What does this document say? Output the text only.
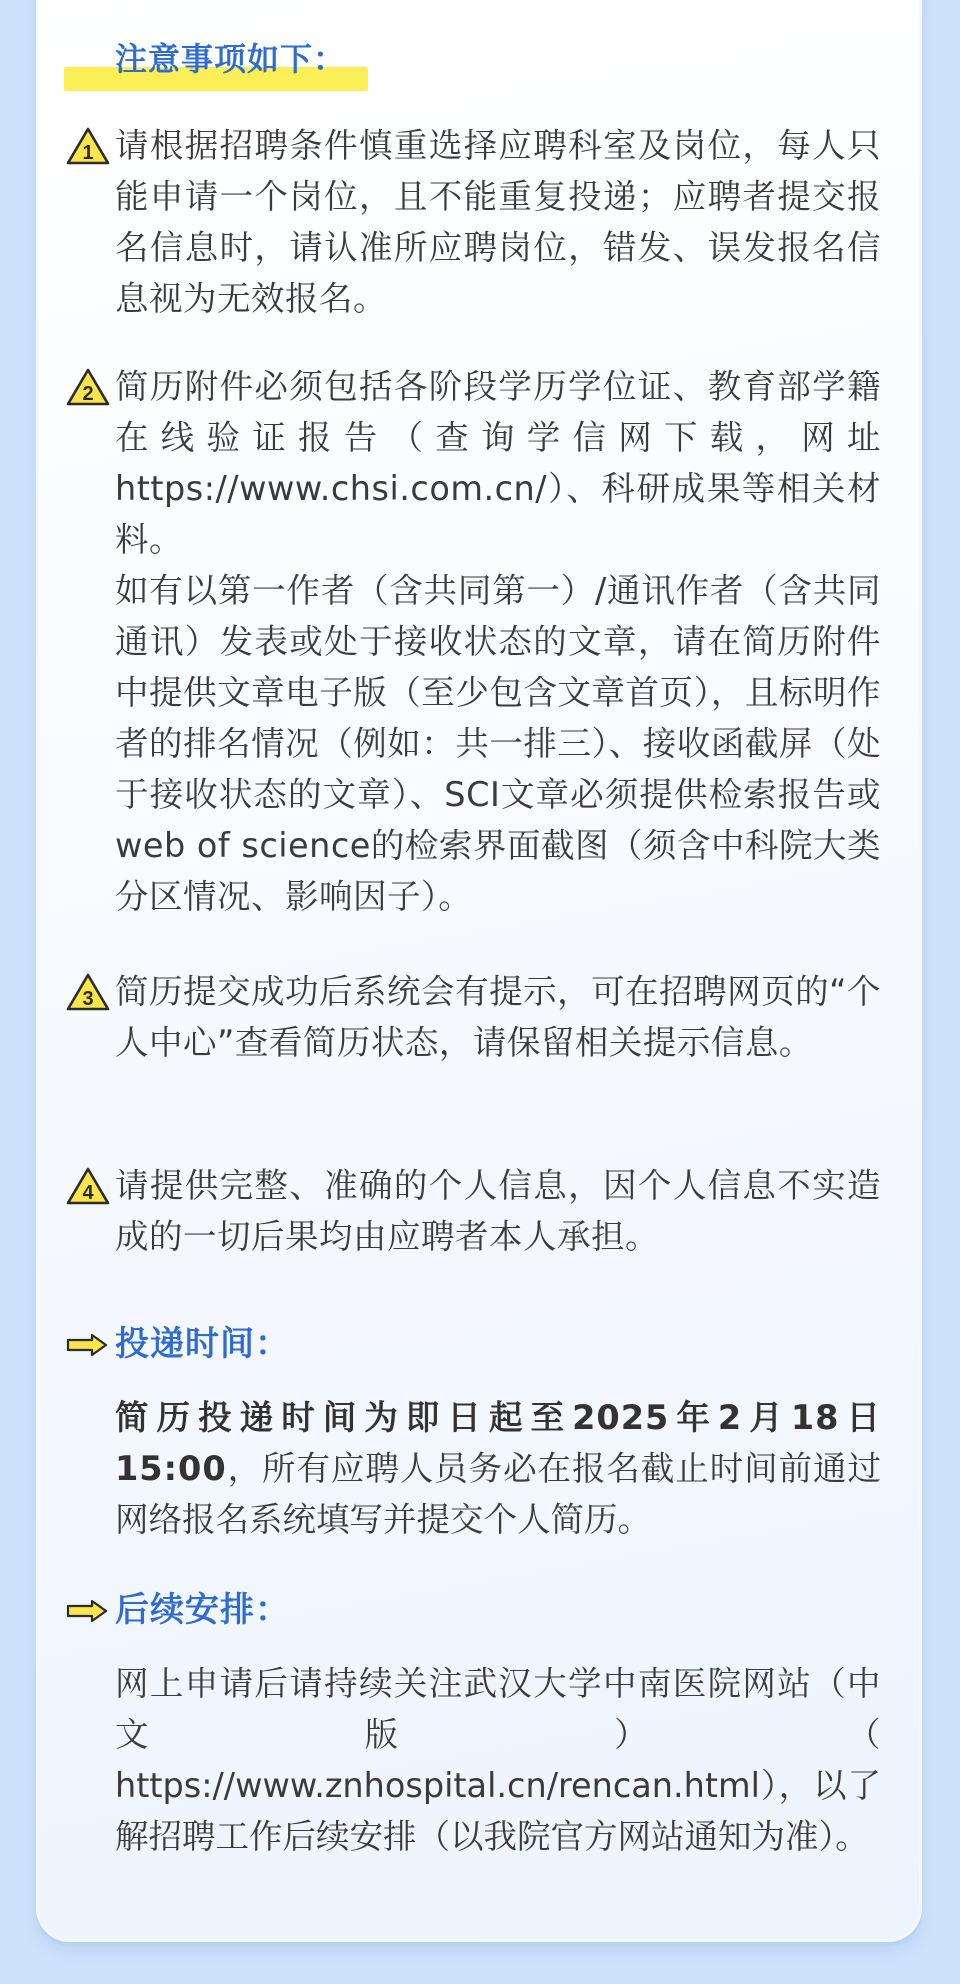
注意事项如下：
1 请根据招聘条件慎重选择应聘科室及岗位，每人只能申请一个岗位，且不能重复投递；应聘者提交报名信息时，请认准所应聘岗位，错发、误发报名信息视为无效报名。

2 简历附件必须包括各阶段学历学位证、教育部学籍在线验证报告（查询学信网下载，网址https://www.chsi.com.cn/）、科研成果等相关材料。

如有以第一作者（含共同第一）/通讯作者（含共同通讯）发表或处于接收状态的文章，请在简历附件中提供文章电子版（至少包含文章首页），且标明作者的排名情况（例如：共一排三）、接收函截屏（处于接收状态的文章）、SCI文章必须提供检索报告或web of science的检索界面截图（须含中科院大类分区情况、影响因子）。

3 简历提交成功后系统会有提示，可在招聘网页的“个人中心”查看简历状态，请保留相关提示信息。

4 请提供完整、准确的个人信息，因个人信息不实造成的一切后果均由应聘者本人承担。

投递时间：
简历投递时间为即日起至2025年2月18日15:00，所有应聘人员务必在报名截止时间前通过网络报名系统填写并提交个人简历。
后续安排：
网上申请后请持续关注武汉大学中南医院网站（中文版）（
https://www.znhospital.cn/rencan.html），以了解招聘工作后续安排（以我院官方网站通知为准）。
